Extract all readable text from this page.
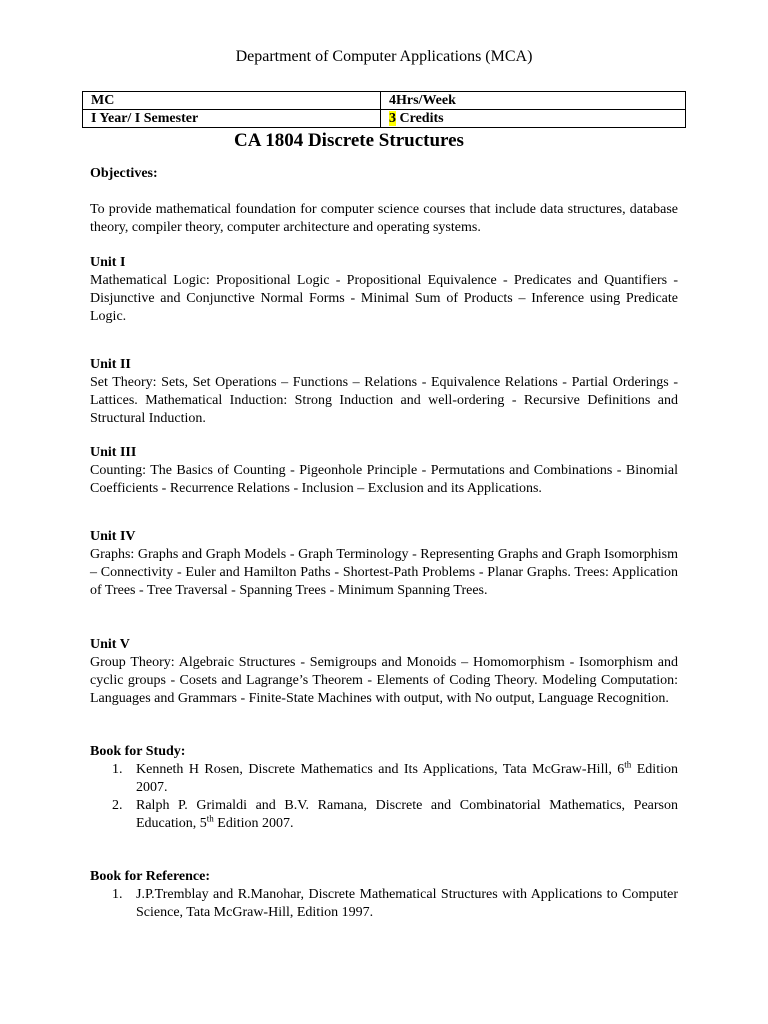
Department of Computer Applications (MCA)
MC	4Hrs/Week
I Year/ I Semester	3 Credits
CA 1804 Discrete Structures
Objectives:
To provide mathematical foundation for computer science courses that include data structures, database theory, compiler theory, computer architecture and operating systems.
Unit I
Mathematical Logic: Propositional Logic - Propositional Equivalence - Predicates and Quantifiers - Disjunctive and Conjunctive Normal Forms - Minimal Sum of Products – Inference using Predicate Logic.
Unit II
Set Theory: Sets, Set Operations – Functions – Relations - Equivalence Relations - Partial Orderings - Lattices. Mathematical Induction: Strong Induction and well-ordering - Recursive Definitions and Structural Induction.
Unit III
Counting: The Basics of Counting - Pigeonhole Principle - Permutations and Combinations - Binomial Coefficients - Recurrence Relations - Inclusion – Exclusion and its Applications.
Unit IV
Graphs: Graphs and Graph Models - Graph Terminology - Representing Graphs and Graph Isomorphism – Connectivity - Euler and Hamilton Paths - Shortest-Path Problems - Planar Graphs. Trees: Application of Trees - Tree Traversal - Spanning Trees - Minimum Spanning Trees.
Unit V
Group Theory: Algebraic Structures - Semigroups and Monoids – Homomorphism - Isomorphism and cyclic groups - Cosets and Lagrange’s Theorem - Elements of Coding Theory. Modeling Computation: Languages and Grammars - Finite-State Machines with output, with No output, Language Recognition.
Book for Study:
1. Kenneth H Rosen, Discrete Mathematics and Its Applications, Tata McGraw-Hill, 6th Edition 2007.
2. Ralph P. Grimaldi and B.V. Ramana, Discrete and Combinatorial Mathematics, Pearson Education, 5th Edition 2007.
Book for Reference:
1. J.P.Tremblay and R.Manohar, Discrete Mathematical Structures with Applications to Computer Science, Tata McGraw-Hill, Edition 1997.
